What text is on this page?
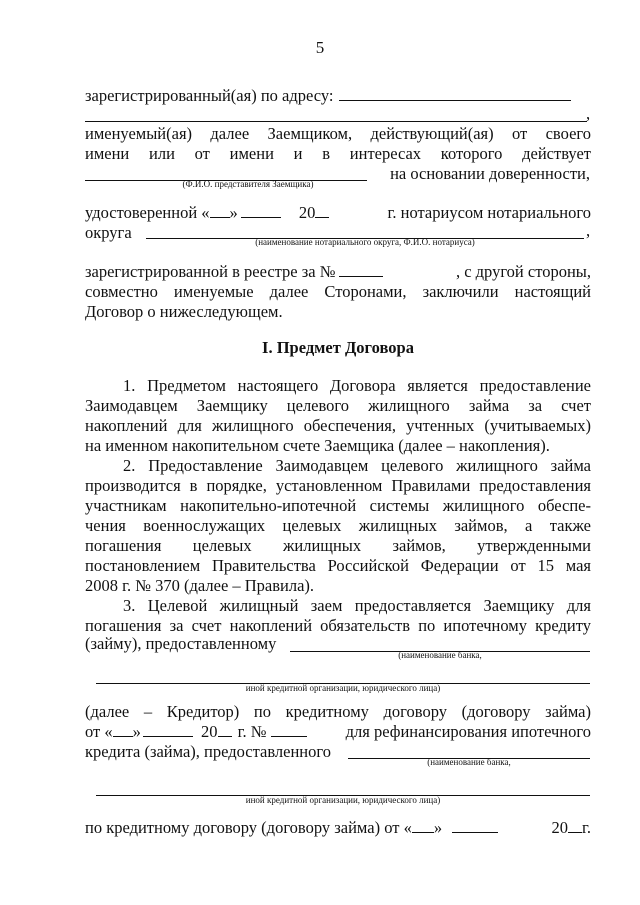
5
зарегистрированный(ая) по адресу:
,
именуемый(ая) далее Заемщиком, действующий(ая) от своего
имени или от имени и в интересах которого действует
на основании доверенности,
(Ф.И.О. представителя Заемщика)
удостоверенной « »	20	г. нотариусом нотариального
округа	,
(наименование нотариального округа, Ф.И.О. нотариуса)
зарегистрированной в реестре за №	, с другой стороны,
совместно именуемые далее Сторонами, заключили настоящий
Договор о нижеследующем.
I. Предмет Договора
1. Предметом настоящего Договора является предоставление
Заимодавцем Заемщику целевого жилищного займа за счет
накоплений для жилищного обеспечения, учтенных (учитываемых)
на именном накопительном счете Заемщика (далее – накопления).
2. Предоставление Заимодавцем целевого жилищного займа
производится в порядке, установленном Правилами предоставления
участникам накопительно-ипотечной системы жилищного обеспе-
чения военнослужащих целевых жилищных займов, а также
погашения целевых жилищных займов, утвержденными
постановлением Правительства Российской Федерации от 15 мая
2008 г. № 370 (далее – Правила).
3. Целевой жилищный заем предоставляется Заемщику для
погашения за счет накоплений обязательств по ипотечному кредиту
(займу), предоставленному
(наименование банка,
иной кредитной организации, юридического лица)
(далее – Кредитор) по кредитному договору (договору займа)
от « »	20 г. №	для рефинансирования ипотечного
кредита (займа), предоставленного
(наименование банка,
иной кредитной организации, юридического лица)
по кредитному договору (договору займа) от « »	20 г.
